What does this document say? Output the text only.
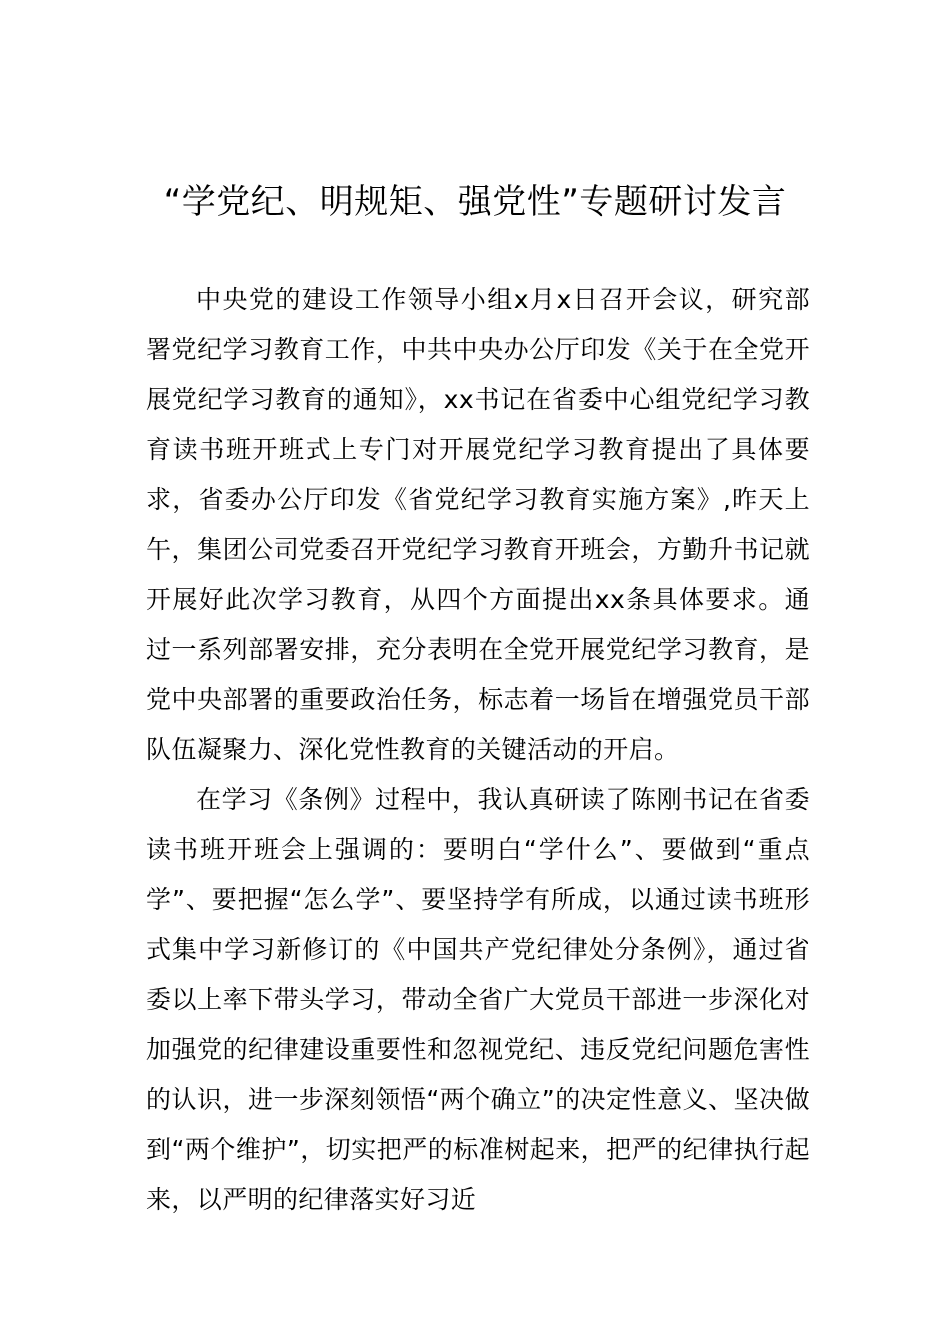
“学党纪、明规矩、强党性”专题研讨发言

中央党的建设工作领导小组x月x日召开会议，研究部署党纪学习教育工作，中共中央办公厅印发《关于在全党开展党纪学习教育的通知》，xx书记在省委中心组党纪学习教育读书班开班式上专门对开展党纪学习教育提出了具体要求，省委办公厅印发《省党纪学习教育实施方案》,昨天上午，集团公司党委召开党纪学习教育开班会，方勤升书记就开展好此次学习教育，从四个方面提出xx条具体要求。通过一系列部署安排，充分表明在全党开展党纪学习教育，是党中央部署的重要政治任务，标志着一场旨在增强党员干部队伍凝聚力、深化党性教育的关键活动的开启。

在学习《条例》过程中，我认真研读了陈刚书记在省委读书班开班会上强调的：要明白“学什么”、要做到“重点学”、要把握“怎么学”、要坚持学有所成，以通过读书班形式集中学习新修订的《中国共产党纪律处分条例》，通过省委以上率下带头学习，带动全省广大党员干部进一步深化对加强党的纪律建设重要性和忽视党纪、违反党纪问题危害性的认识，进一步深刻领悟“两个确立”的决定性意义、坚决做到“两个维护”，切实把严的标准树起来，把严的纪律执行起来，以严明的纪律落实好习近
